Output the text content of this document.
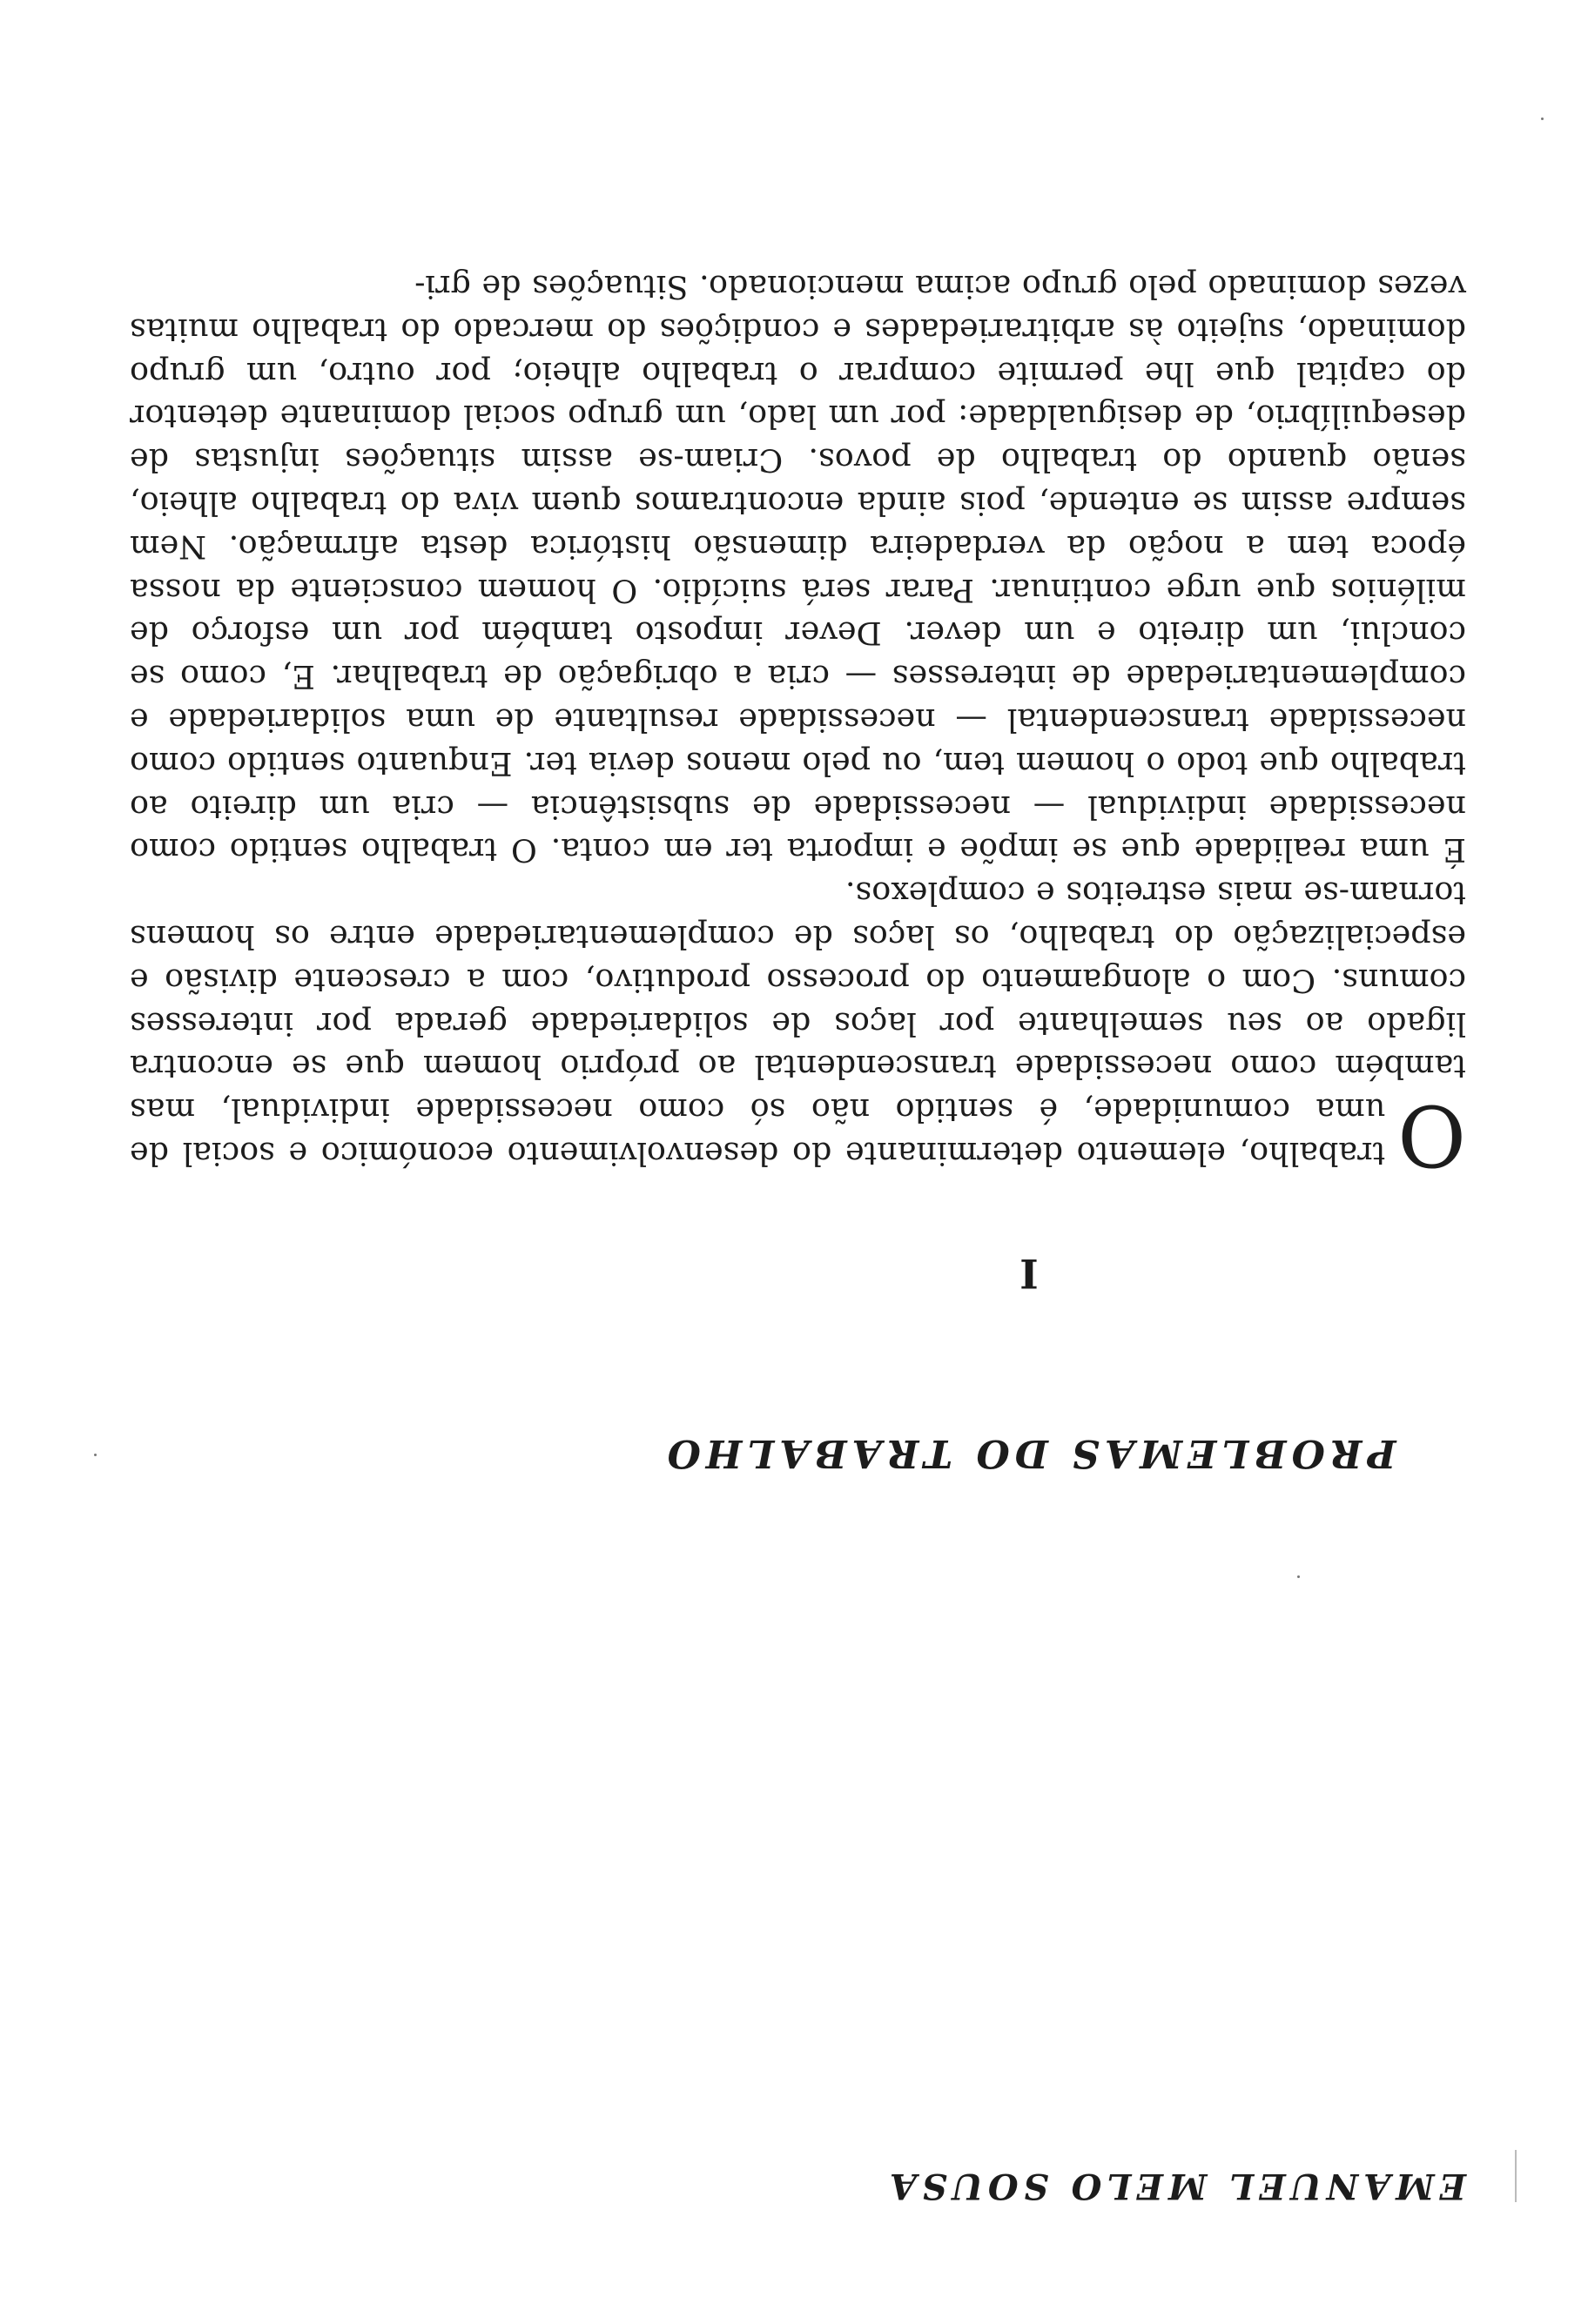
EMANUEL MELO SOUSA
PROBLEMAS DO TRABALHO
I

O
trabalho, elemento determinante do desenvolvimento económico e social de uma comunidade, é sentido não só como necessidade individual, mas também como necessidade transcendental ao próprio homem que se encontra ligado ao seu semelhante por laços de solidariedade gerada por interesses comuns. Com o alongamento do processo produtivo, com a crescente divisão e especialização do trabalho, os laços de complementariedade entre os homens tornam-se mais estreitos e complexos.

É uma realidade que se impõe e importa ter em conta. O trabalho sentido como necessidade individual — necessidade de subsistência — cria um direito ao trabalho que todo o homem tem, ou pelo menos devia ter. Enquanto sentido como necessidade transcendental — necessidade resultante de uma solidariedade e complementariedade de interesses — cria a obrigação de trabalhar. E, como se conclui, um direito e um dever. Dever imposto também por um esforço de milénios que urge continuar. Parar será suicídio. O homem consciente da nossa época tem a noção da verdadeira dimensão histórica desta afirmação. Nem sempre assim se entende, pois ainda encontramos quem viva do trabalho alheio, senão quando do trabalho de povos. Criam-se assim situações injustas de desequilíbrio, de desigualdade: por um lado, um grupo social dominante detentor do capital que lhe permite comprar o trabalho alheio; por outro, um grupo dominado, sujeito às arbitrariedades e condições do mercado do trabalho muitas vezes dominado pelo grupo acima mencionado. Situações de gri-
